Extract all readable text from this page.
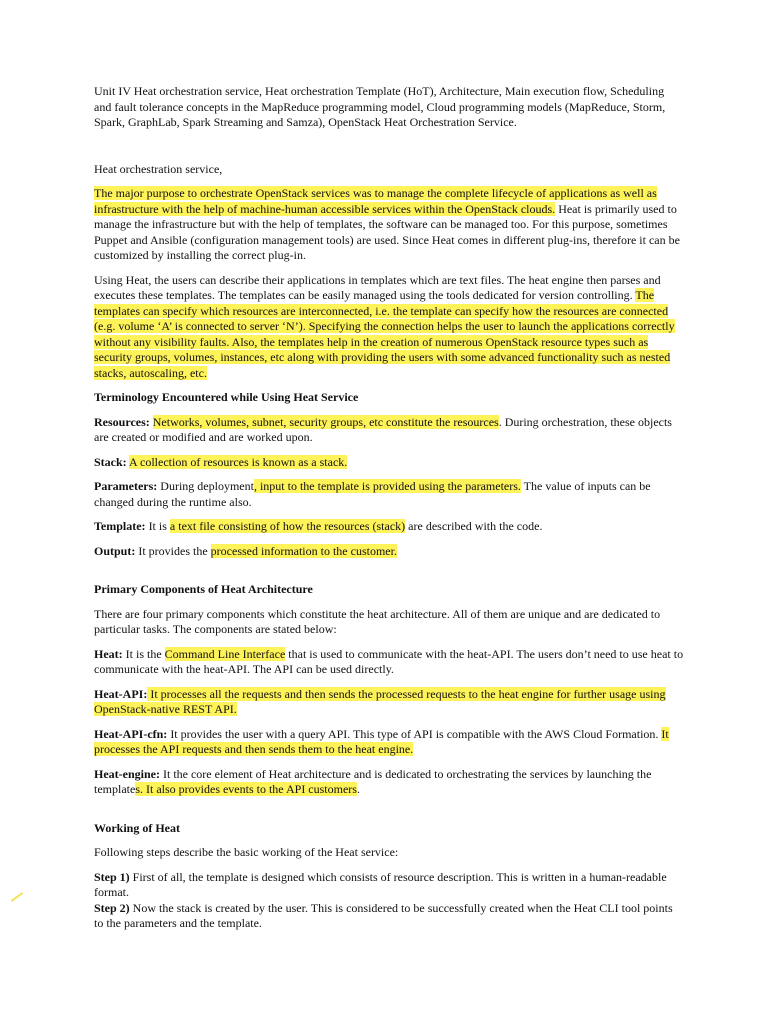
Unit IV Heat orchestration service, Heat orchestration Template (HoT), Architecture, Main execution flow, Scheduling and fault tolerance concepts in the MapReduce programming model, Cloud programming models (MapReduce, Storm, Spark, GraphLab, Spark Streaming and Samza), OpenStack Heat Orchestration Service.

Heat orchestration service,

The major purpose to orchestrate OpenStack services was to manage the complete lifecycle of applications as well as infrastructure with the help of machine-human accessible services within the OpenStack clouds. Heat is primarily used to manage the infrastructure but with the help of templates, the software can be managed too. For this purpose, sometimes Puppet and Ansible (configuration management tools) are used. Since Heat comes in different plug-ins, therefore it can be customized by installing the correct plug-in.

Using Heat, the users can describe their applications in templates which are text files. The heat engine then parses and executes these templates. The templates can be easily managed using the tools dedicated for version controlling. The templates can specify which resources are interconnected, i.e. the template can specify how the resources are connected (e.g. volume ‘A’ is connected to server ‘N’). Specifying the connection helps the user to launch the applications correctly without any visibility faults. Also, the templates help in the creation of numerous OpenStack resource types such as security groups, volumes, instances, etc along with providing the users with some advanced functionality such as nested stacks, autoscaling, etc.

Terminology Encountered while Using Heat Service

Resources: Networks, volumes, subnet, security groups, etc constitute the resources. During orchestration, these objects are created or modified and are worked upon.

Stack: A collection of resources is known as a stack.

Parameters: During deployment, input to the template is provided using the parameters. The value of inputs can be changed during the runtime also.

Template: It is a text file consisting of how the resources (stack) are described with the code.

Output: It provides the processed information to the customer.

Primary Components of Heat Architecture

There are four primary components which constitute the heat architecture. All of them are unique and are dedicated to particular tasks. The components are stated below:

Heat: It is the Command Line Interface that is used to communicate with the heat-API. The users don’t need to use heat to communicate with the heat-API. The API can be used directly.

Heat-API: It processes all the requests and then sends the processed requests to the heat engine for further usage using OpenStack-native REST API.

Heat-API-cfn: It provides the user with a query API. This type of API is compatible with the AWS Cloud Formation. It processes the API requests and then sends them to the heat engine.

Heat-engine: It the core element of Heat architecture and is dedicated to orchestrating the services by launching the templates. It also provides events to the API customers.

Working of Heat

Following steps describe the basic working of the Heat service:

Step 1) First of all, the template is designed which consists of resource description. This is written in a human-readable format.

Step 2) Now the stack is created by the user. This is considered to be successfully created when the Heat CLI tool points to the parameters and the template.
